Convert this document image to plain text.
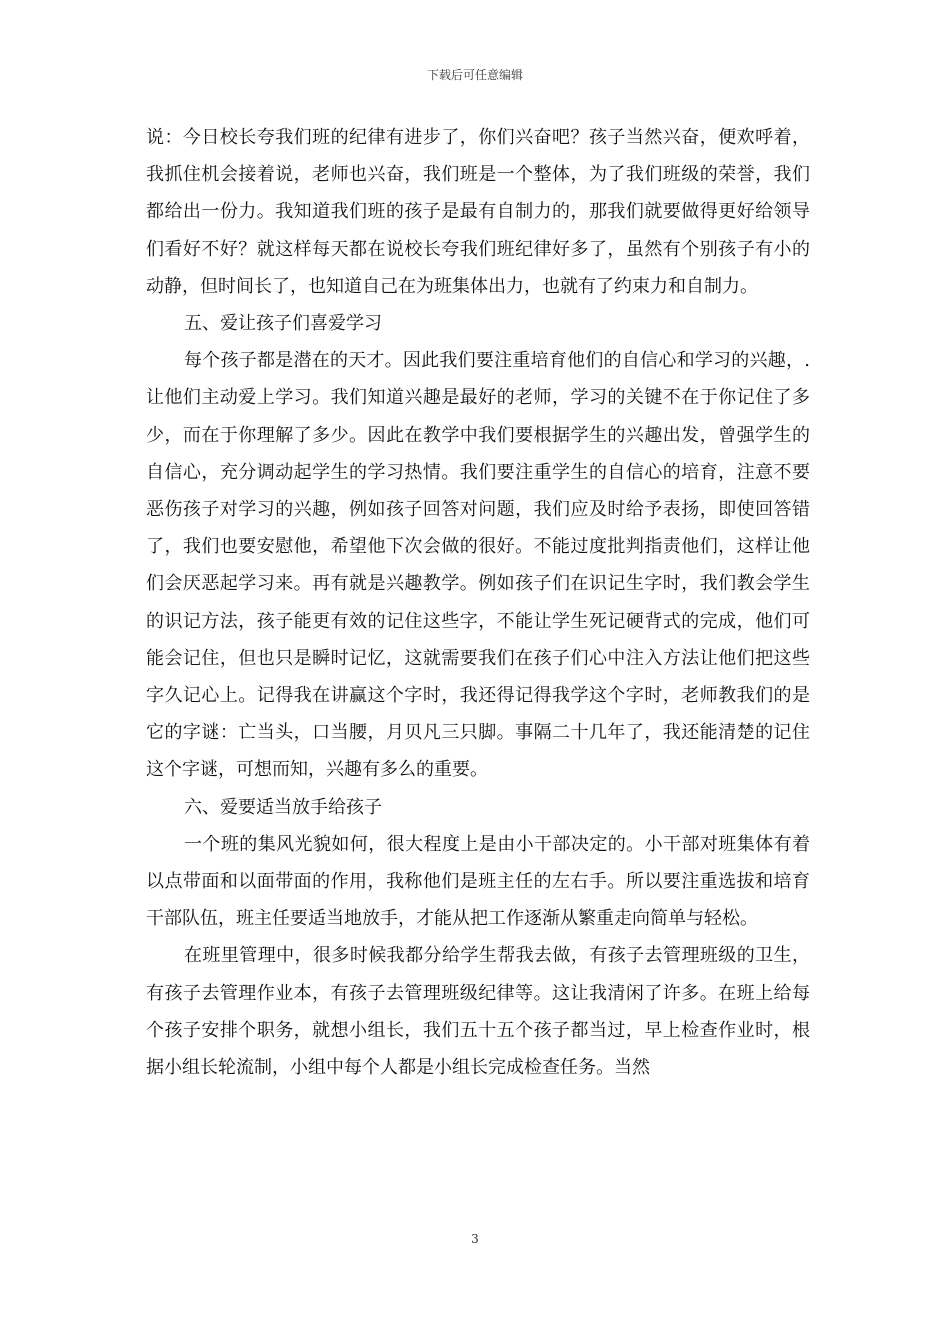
下载后可任意编辑

说：今日校长夸我们班的纪律有进步了，你们兴奋吧？孩子当然兴奋，便欢呼着，我抓住机会接着说，老师也兴奋，我们班是一个整体，为了我们班级的荣誉，我们都给出一份力。我知道我们班的孩子是最有自制力的，那我们就要做得更好给领导们看好不好？就这样每天都在说校长夸我们班纪律好多了，虽然有个别孩子有小的动静，但时间长了，也知道自己在为班集体出力，也就有了约束力和自制力。

五、爱让孩子们喜爱学习

每个孩子都是潜在的天才。因此我们要注重培育他们的自信心和学习的兴趣，.让他们主动爱上学习。我们知道兴趣是最好的老师，学习的关键不在于你记住了多少，而在于你理解了多少。因此在教学中我们要根据学生的兴趣出发，曾强学生的自信心，充分调动起学生的学习热情。我们要注重学生的自信心的培育，注意不要恶伤孩子对学习的兴趣，例如孩子回答对问题，我们应及时给予表扬，即使回答错了，我们也要安慰他，希望他下次会做的很好。不能过度批判指责他们，这样让他们会厌恶起学习来。再有就是兴趣教学。例如孩子们在识记生字时，我们教会学生的识记方法，孩子能更有效的记住这些字，不能让学生死记硬背式的完成，他们可能会记住，但也只是瞬时记忆，这就需要我们在孩子们心中注入方法让他们把这些字久记心上。记得我在讲赢这个字时，我还得记得我学这个字时，老师教我们的是它的字谜：亡当头，口当腰，月贝凡三只脚。事隔二十几年了，我还能清楚的记住这个字谜，可想而知，兴趣有多么的重要。

六、爱要适当放手给孩子

一个班的集风光貌如何，很大程度上是由小干部决定的。小干部对班集体有着以点带面和以面带面的作用，我称他们是班主任的左右手。所以要注重选拔和培育干部队伍，班主任要适当地放手，才能从把工作逐渐从繁重走向简单与轻松。

在班里管理中，很多时候我都分给学生帮我去做，有孩子去管理班级的卫生，有孩子去管理作业本，有孩子去管理班级纪律等。这让我清闲了许多。在班上给每个孩子安排个职务，就想小组长，我们五十五个孩子都当过，早上检查作业时，根据小组长轮流制，小组中每个人都是小组长完成检查任务。当然

3
